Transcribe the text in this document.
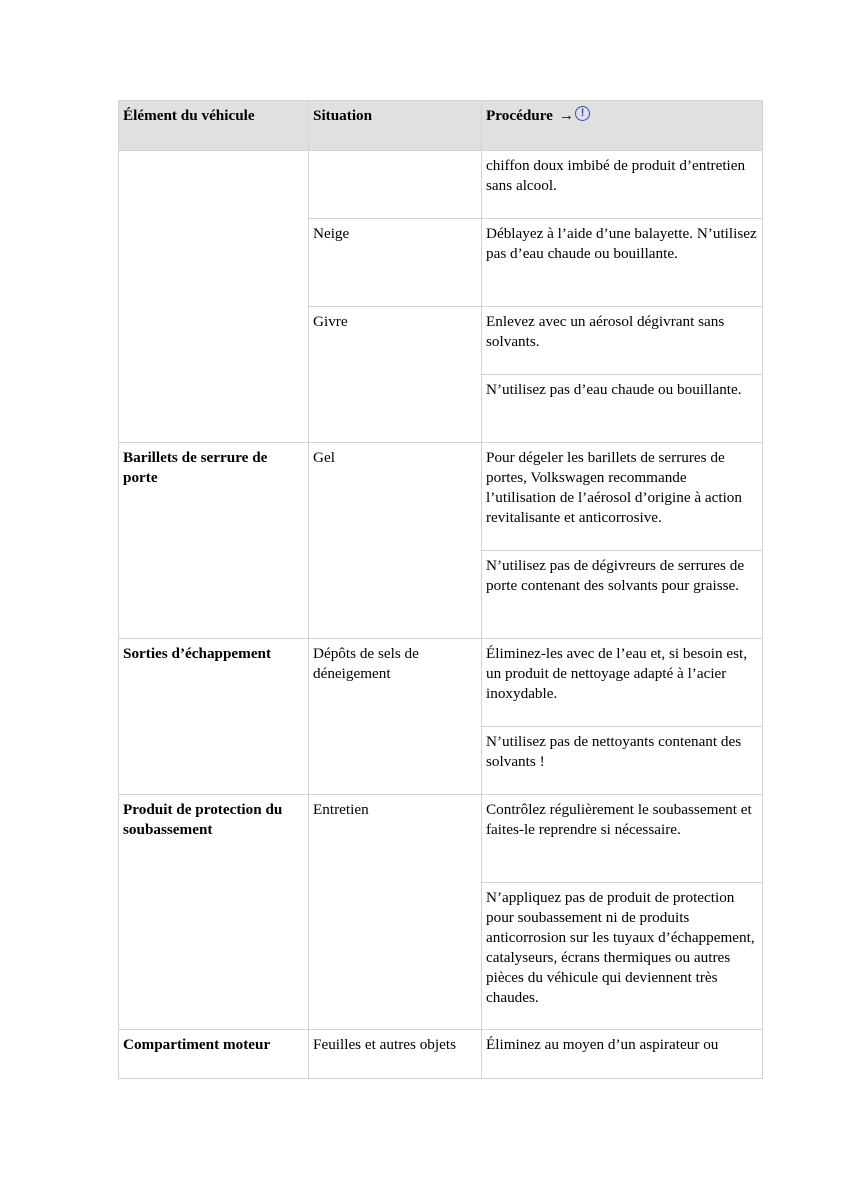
Élément du véhicule	Situation	Procédure → !
		chiffon doux imbibé de produit d’entretien sans alcool.
	Neige	Déblayez à l’aide d’une balayette. N’utilisez pas d’eau chaude ou bouillante.
	Givre	Enlevez avec un aérosol dégivrant sans solvants.
		N’utilisez pas d’eau chaude ou bouillante.
Barillets de serrure de porte	Gel	Pour dégeler les barillets de serrures de portes, Volkswagen recommande l’utilisation de l’aérosol d’origine à action revitalisante et anticorrosive.
		N’utilisez pas de dégivreurs de serrures de porte contenant des solvants pour graisse.
Sorties d’échappement	Dépôts de sels de déneigement	Éliminez-les avec de l’eau et, si besoin est, un produit de nettoyage adapté à l’acier inoxydable.
		N’utilisez pas de nettoyants contenant des solvants !
Produit de protection du soubassement	Entretien	Contrôlez régulièrement le soubassement et faites-le reprendre si nécessaire.
		N’appliquez pas de produit de protection pour soubassement ni de produits anticorrosion sur les tuyaux d’échappement, catalyseurs, écrans thermiques ou autres pièces du véhicule qui deviennent très chaudes.
Compartiment moteur	Feuilles et autres objets	Éliminez au moyen d’un aspirateur ou
